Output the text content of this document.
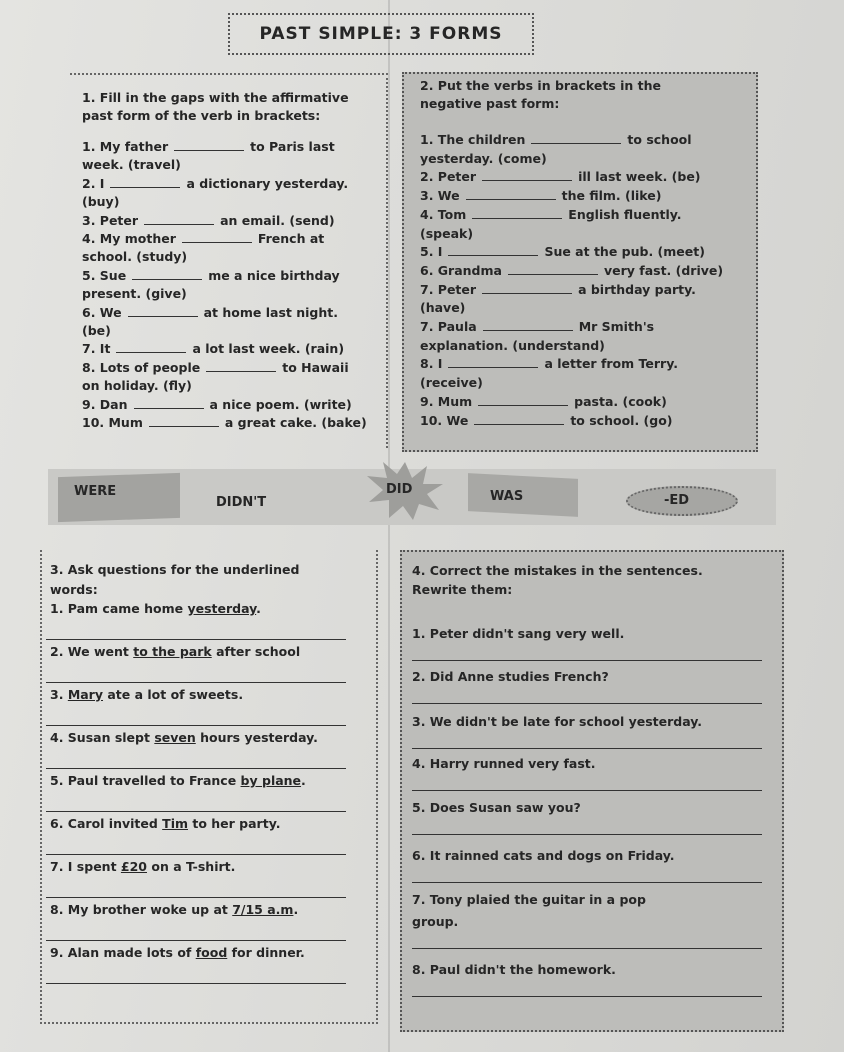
PAST SIMPLE: 3 FORMS
1. Fill in the gaps with the affirmative
past form of the verb in brackets:
1. My father	to Paris last
week. (travel)
2. I	a dictionary yesterday.
(buy)
3. Peter	an email. (send)
4. My mother	French at
school. (study)
5. Sue	me a nice birthday
present. (give)
6. We	at home last night.
(be)
7. It	a lot last week. (rain)
8. Lots of people	to Hawaii
on holiday. (fly)
9. Dan	a nice poem. (write)
10. Mum	a great cake. (bake)
2. Put the verbs in brackets in the
negative past form:
1. The children	to school
yesterday. (come)
2. Peter	ill last week. (be)
3. We	the film. (like)
4. Tom	English fluently.
(speak)
5. I	Sue at the pub. (meet)
6. Grandma	very fast. (drive)
7. Peter	a birthday party.
(have)
7. Paula	Mr Smith's
explanation. (understand)
8. I	a letter from Terry.
(receive)
9. Mum	pasta. (cook)
10. We	to school. (go)
WERE
DIDN'T
DID	WAS	-ED
3. Ask questions for the underlined
words:
1. Pam came home yesterday.
2. We went to the park after school
3. Mary ate a lot of sweets.
4. Susan slept seven hours yesterday.
5. Paul travelled to France by plane.
6. Carol invited Tim to her party.
7. I spent £20 on a T-shirt.
8. My brother woke up at 7/15 a.m.
9. Alan made lots of food for dinner.
4. Correct the mistakes in the sentences.
Rewrite them:
1. Peter didn't sang very well.
2. Did Anne studies French?
3. We didn't be late for school yesterday.
4. Harry runned very fast.
5. Does Susan saw you?
6. It rainned cats and dogs on Friday.
7. Tony plaied the guitar in a pop
group.
8. Paul didn't the homework.
